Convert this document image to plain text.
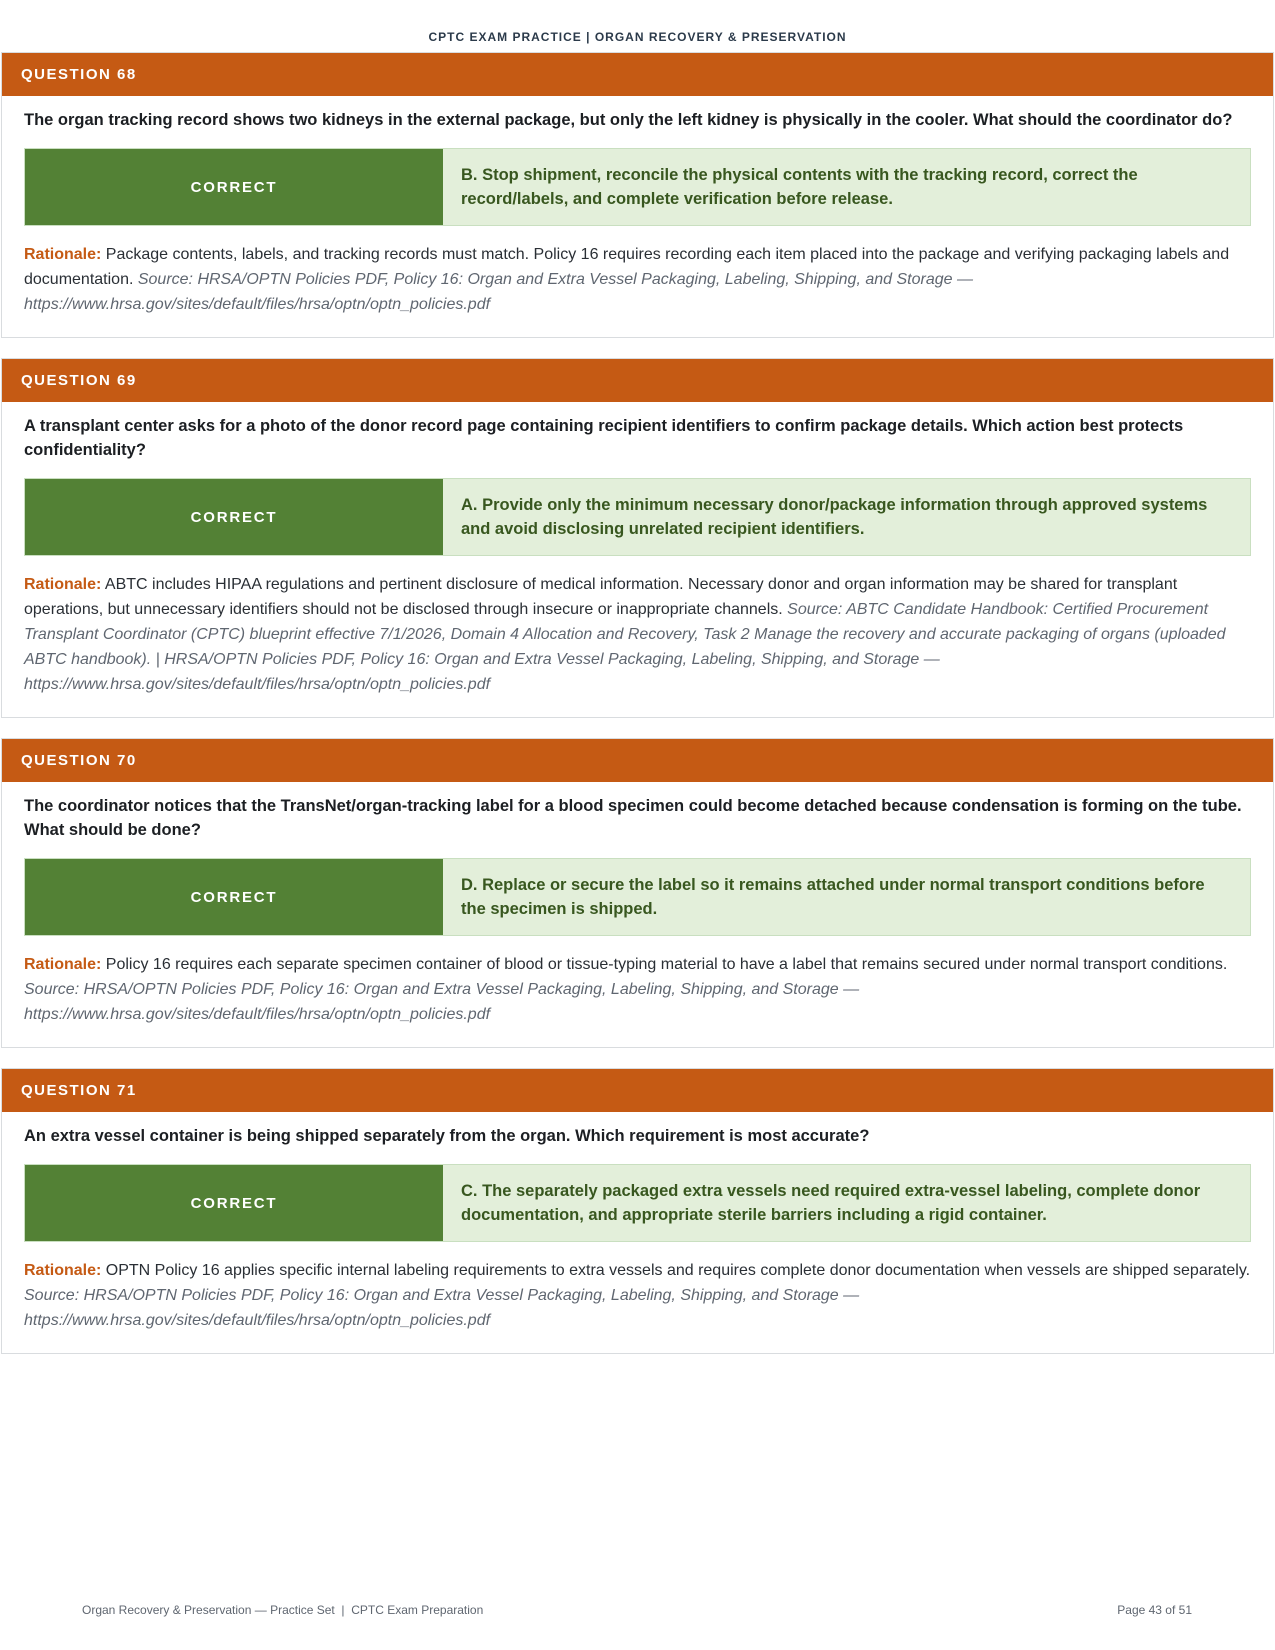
CPTC EXAM PRACTICE | ORGAN RECOVERY & PRESERVATION
QUESTION 68

The organ tracking record shows two kidneys in the external package, but only the left kidney is physically in the cooler. What should the coordinator do?

CORRECT
B. Stop shipment, reconcile the physical contents with the tracking record, correct the record/labels, and complete verification before release.

Rationale: Package contents, labels, and tracking records must match. Policy 16 requires recording each item placed into the package and verifying packaging labels and documentation. Source: HRSA/OPTN Policies PDF, Policy 16: Organ and Extra Vessel Packaging, Labeling, Shipping, and Storage — https://www.hrsa.gov/sites/default/files/hrsa/optn/optn_policies.pdf

QUESTION 69

A transplant center asks for a photo of the donor record page containing recipient identifiers to confirm package details. Which action best protects confidentiality?

CORRECT
A. Provide only the minimum necessary donor/package information through approved systems and avoid disclosing unrelated recipient identifiers.

Rationale: ABTC includes HIPAA regulations and pertinent disclosure of medical information. Necessary donor and organ information may be shared for transplant operations, but unnecessary identifiers should not be disclosed through insecure or inappropriate channels. Source: ABTC Candidate Handbook: Certified Procurement Transplant Coordinator (CPTC) blueprint effective 7/1/2026, Domain 4 Allocation and Recovery, Task 2 Manage the recovery and accurate packaging of organs (uploaded ABTC handbook). | HRSA/OPTN Policies PDF, Policy 16: Organ and Extra Vessel Packaging, Labeling, Shipping, and Storage — https://www.hrsa.gov/sites/default/files/hrsa/optn/optn_policies.pdf

QUESTION 70

The coordinator notices that the TransNet/organ-tracking label for a blood specimen could become detached because condensation is forming on the tube. What should be done?

CORRECT
D. Replace or secure the label so it remains attached under normal transport conditions before the specimen is shipped.

Rationale: Policy 16 requires each separate specimen container of blood or tissue-typing material to have a label that remains secured under normal transport conditions. Source: HRSA/OPTN Policies PDF, Policy 16: Organ and Extra Vessel Packaging, Labeling, Shipping, and Storage — https://www.hrsa.gov/sites/default/files/hrsa/optn/optn_policies.pdf

QUESTION 71

An extra vessel container is being shipped separately from the organ. Which requirement is most accurate?

CORRECT
C. The separately packaged extra vessels need required extra-vessel labeling, complete donor documentation, and appropriate sterile barriers including a rigid container.

Rationale: OPTN Policy 16 applies specific internal labeling requirements to extra vessels and requires complete donor documentation when vessels are shipped separately. Source: HRSA/OPTN Policies PDF, Policy 16: Organ and Extra Vessel Packaging, Labeling, Shipping, and Storage — https://www.hrsa.gov/sites/default/files/hrsa/optn/optn_policies.pdf

Organ Recovery & Preservation — Practice Set  |  CPTC Exam Preparation	Page 43 of 51
